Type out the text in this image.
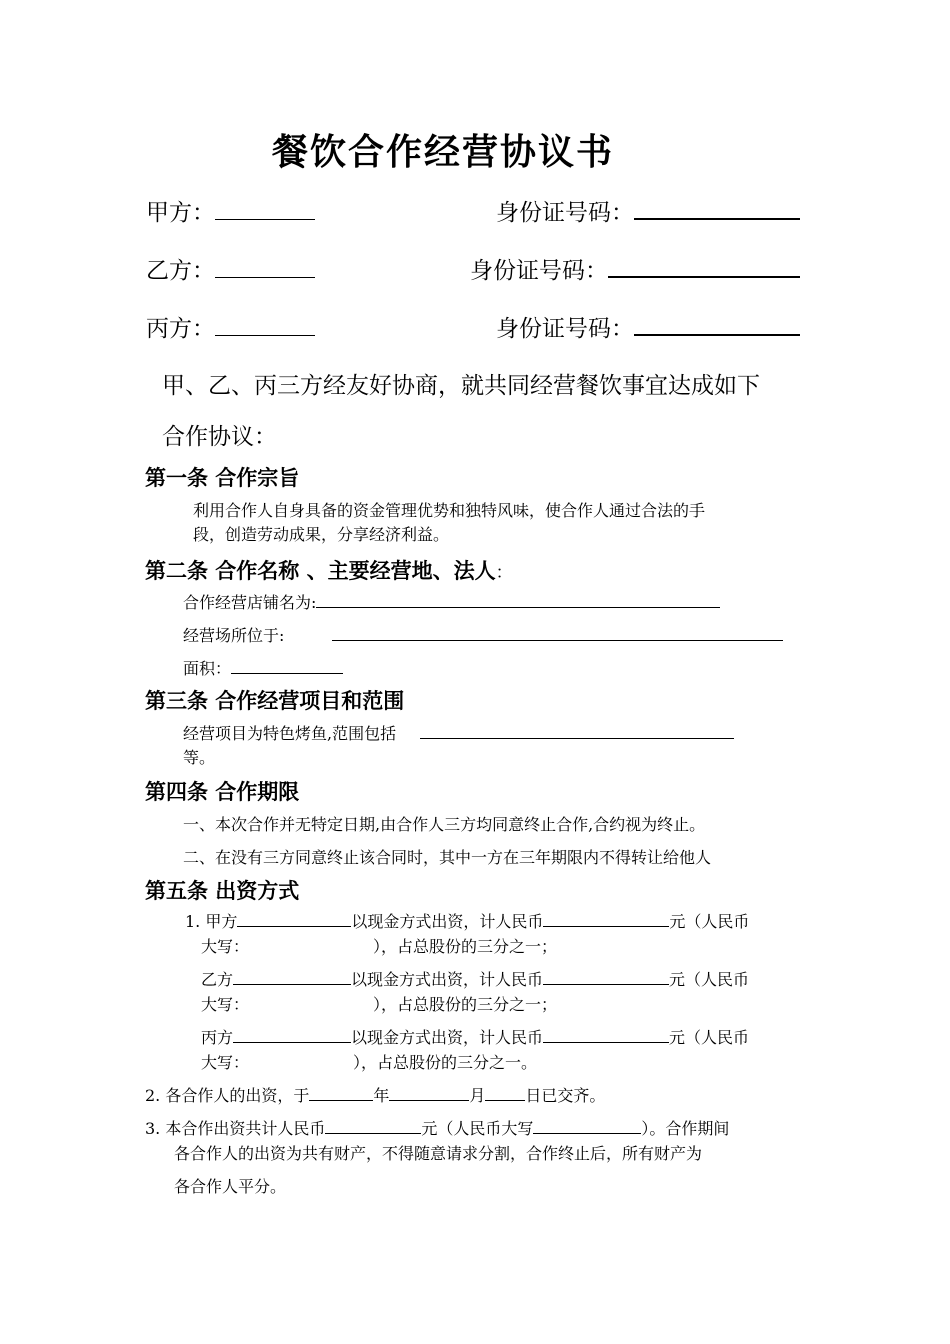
餐饮合作经营协议书
甲方：	身份证号码：
乙方：	身份证号码：
丙方：	身份证号码：
甲、乙、丙三方经友好协商，就共同经营餐饮事宜达成如下
合作协议：
第一条 合作宗旨
利用合作人自身具备的资金管理优势和独特风味，使合作人通过合法的手
段，创造劳动成果，分享经济利益。
第二条 合作名称 、主要经营地、法人：
合作经营店铺名为:
经营场所位于:
面积：
第三条 合作经营项目和范围
经营项目为特色烤鱼,范围包括
等。
第四条 合作期限
一、本次合作并无特定日期,由合作人三方均同意终止合作,合约视为终止。
二、在没有三方同意终止该合同时，其中一方在三年期限内不得转让给他人
第五条 出资方式
1. 甲方	以现金方式出资，计人民币	元（人民币
大写：	），占总股份的三分之一；
乙方	以现金方式出资，计人民币	元（人民币
大写：	），占总股份的三分之一；
丙方	以现金方式出资，计人民币	元（人民币
大写：	），占总股份的三分之一。
2. 各合作人的出资，于	年	月	日已交齐。
3. 本合作出资共计人民币	元（人民币大写	）。合作期间
各合作人的出资为共有财产，不得随意请求分割，合作终止后，所有财产为
各合作人平分。
